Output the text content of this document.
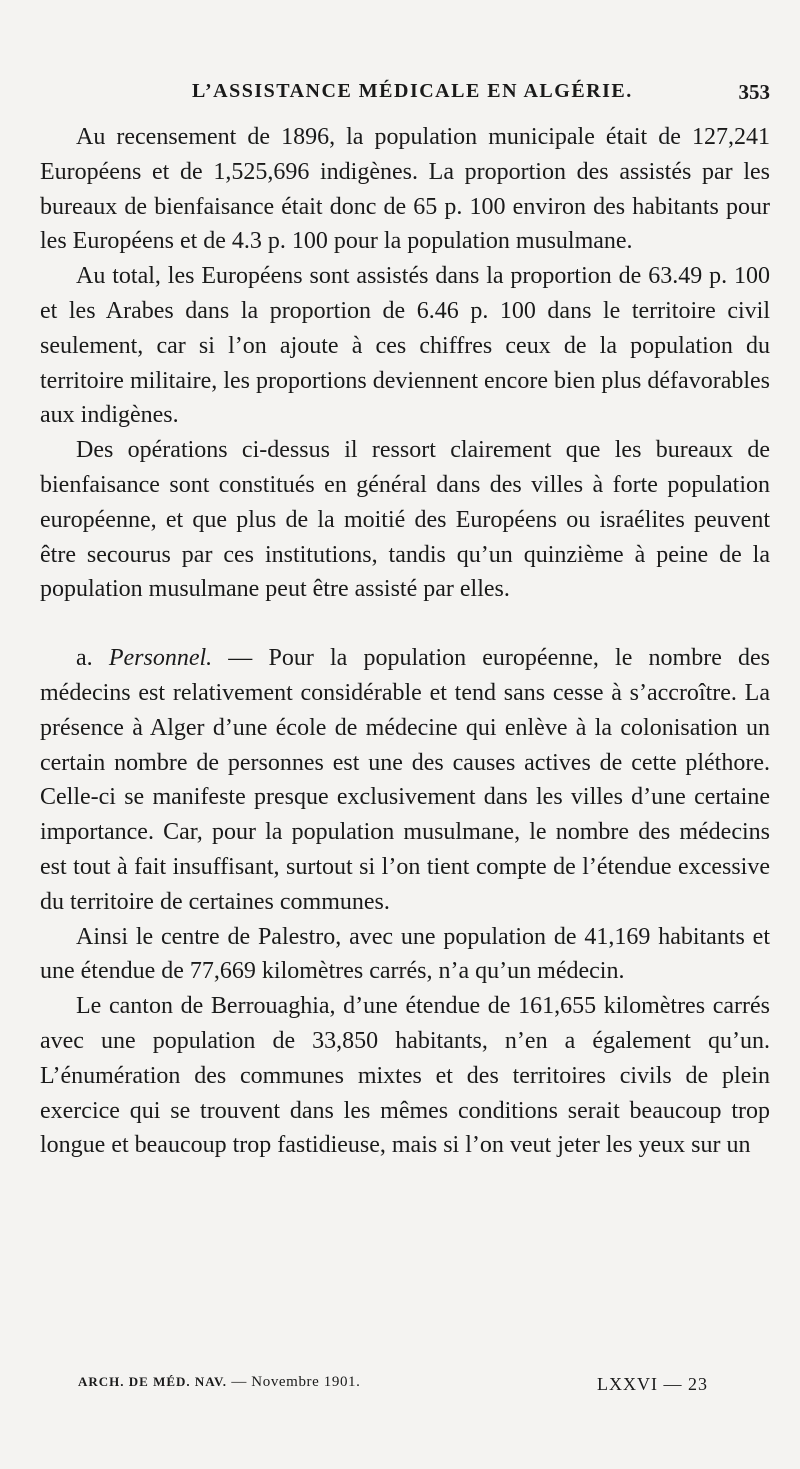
L’ASSISTANCE MÉDICALE EN ALGÉRIE.	353

Au recensement de 1896, la population municipale était de 127,241 Européens et de 1,525,696 indigènes. La proportion des assistés par les bureaux de bienfaisance était donc de 65 p. 100 environ des habitants pour les Européens et de 4.3 p. 100 pour la population musulmane.

Au total, les Européens sont assistés dans la proportion de 63.49 p. 100 et les Arabes dans la proportion de 6.46 p. 100 dans le territoire civil seulement, car si l’on ajoute à ces chiffres ceux de la population du territoire militaire, les proportions deviennent encore bien plus défavorables aux indigènes.

Des opérations ci-dessus il ressort clairement que les bureaux de bienfaisance sont constitués en général dans des villes à forte population européenne, et que plus de la moitié des Européens ou israélites peuvent être secourus par ces institutions, tandis qu’un quinzième à peine de la population musulmane peut être assisté par elles.

a. Personnel. — Pour la population européenne, le nombre des médecins est relativement considérable et tend sans cesse à s’accroître. La présence à Alger d’une école de médecine qui enlève à la colonisation un certain nombre de personnes est une des causes actives de cette pléthore. Celle-ci se manifeste presque exclusivement dans les villes d’une certaine importance. Car, pour la population musulmane, le nombre des médecins est tout à fait insuffisant, surtout si l’on tient compte de l’étendue excessive du territoire de certaines communes.

Ainsi le centre de Palestro, avec une population de 41,169 habitants et une étendue de 77,669 kilomètres carrés, n’a qu’un médecin.

Le canton de Berrouaghia, d’une étendue de 161,655 kilomètres carrés avec une population de 33,850 habitants, n’en a également qu’un. L’énumération des communes mixtes et des territoires civils de plein exercice qui se trouvent dans les mêmes conditions serait beaucoup trop longue et beaucoup trop fastidieuse, mais si l’on veut jeter les yeux sur un

ARCH. DE MÉD. NAV. — Novembre 1901.	LXXVI — 23
